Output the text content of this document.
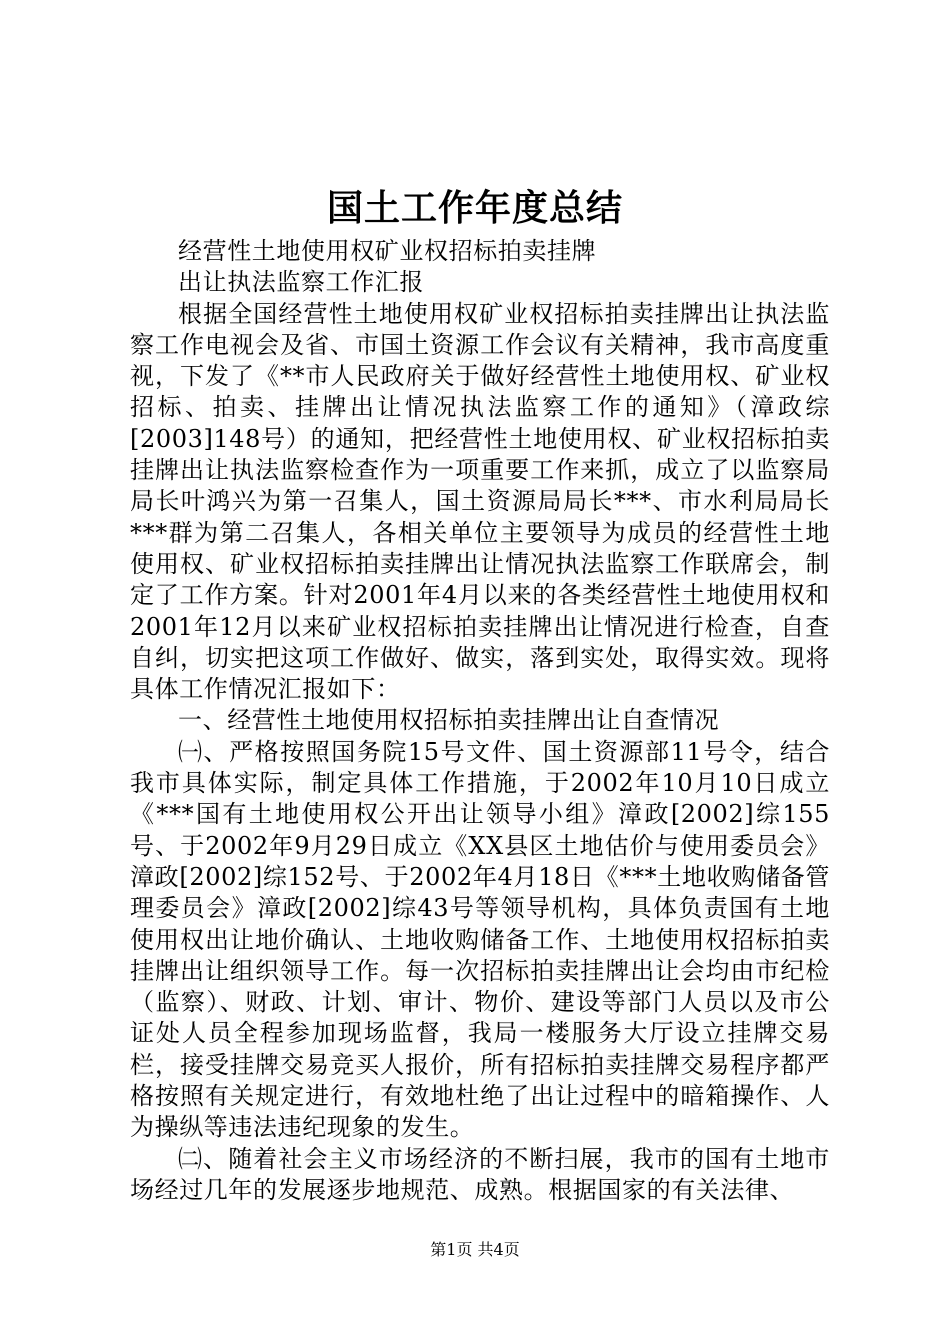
国土工作年度总结

经营性土地使用权矿业权招标拍卖挂牌

出让执法监察工作汇报

根据全国经营性土地使用权矿业权招标拍卖挂牌出让执法监察工作电视会及省、市国土资源工作会议有关精神，我市高度重视，下发了《**市人民政府关于做好经营性土地使用权、矿业权招标、拍卖、挂牌出让情况执法监察工作的通知》（漳政综[2003]148号）的通知，把经营性土地使用权、矿业权招标拍卖挂牌出让执法监察检查作为一项重要工作来抓，成立了以监察局局长叶鸿兴为第一召集人，国土资源局局长***、市水利局局长***群为第二召集人，各相关单位主要领导为成员的经营性土地使用权、矿业权招标拍卖挂牌出让情况执法监察工作联席会，制定了工作方案。针对2001年4月以来的各类经营性土地使用权和2001年12月以来矿业权招标拍卖挂牌出让情况进行检查，自查自纠，切实把这项工作做好、做实，落到实处，取得实效。现将具体工作情况汇报如下：

一、经营性土地使用权招标拍卖挂牌出让自查情况

㈠、严格按照国务院15号文件、国土资源部11号令，结合我市具体实际，制定具体工作措施，于2002年10月10日成立《***国有土地使用权公开出让领导小组》漳政[2002]综155号、于2002年9月29日成立《XX县区土地估价与使用委员会》漳政[2002]综152号、于2002年4月18日《***土地收购储备管理委员会》漳政[2002]综43号等领导机构，具体负责国有土地使用权出让地价确认、土地收购储备工作、土地使用权招标拍卖挂牌出让组织领导工作。每一次招标拍卖挂牌出让会均由市纪检（监察）、财政、计划、审计、物价、建设等部门人员以及市公证处人员全程参加现场监督，我局一楼服务大厅设立挂牌交易栏，接受挂牌交易竞买人报价，所有招标拍卖挂牌交易程序都严格按照有关规定进行，有效地杜绝了出让过程中的暗箱操作、人为操纵等违法违纪现象的发生。

㈡、随着社会主义市场经济的不断扫展，我市的国有土地市场经过几年的发展逐步地规范、成熟。根据国家的有关法律、

第1页 共4页
